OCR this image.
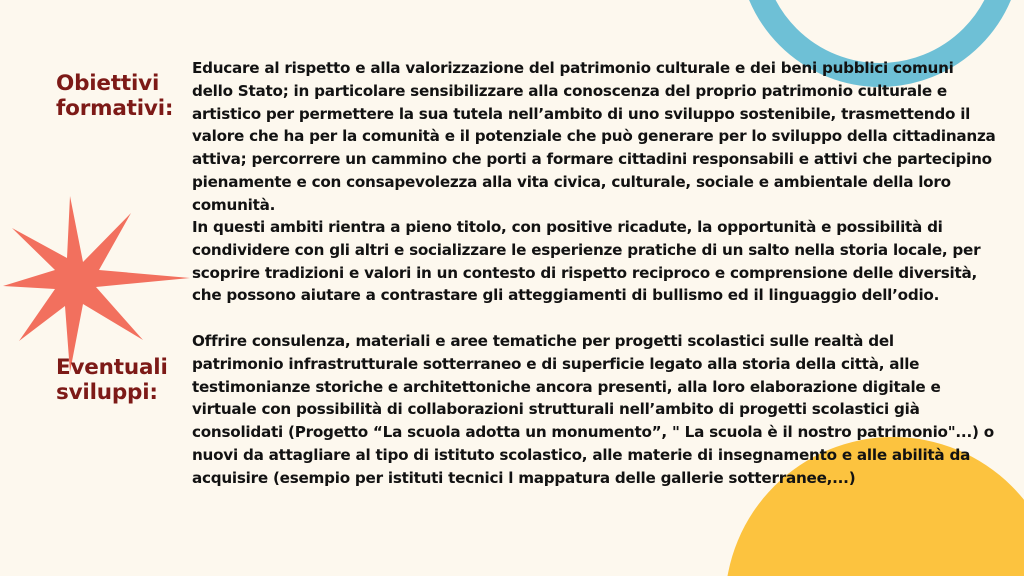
Obiettivi
formativi:
Eventuali
sviluppi:
Educare al rispetto e alla valorizzazione del patrimonio culturale e dei beni pubblici comuni
dello Stato; in particolare sensibilizzare alla conoscenza del proprio patrimonio culturale e
artistico per permettere la sua tutela nell’ambito di uno sviluppo sostenibile, trasmettendo il
valore che ha per la comunità e il potenziale che può generare per lo sviluppo della cittadinanza
attiva; percorrere un cammino che porti a formare cittadini responsabili e attivi che partecipino
pienamente e con consapevolezza alla vita civica, culturale, sociale e ambientale della loro
comunità.
In questi ambiti rientra a pieno titolo, con positive ricadute, la opportunità e possibilità di
condividere con gli altri e socializzare le esperienze pratiche di un salto nella storia locale, per
scoprire tradizioni e valori in un contesto di rispetto reciproco e comprensione delle diversità,
che possono aiutare a contrastare gli atteggiamenti di bullismo ed il linguaggio dell’odio.
Offrire consulenza, materiali e aree tematiche per progetti scolastici sulle realtà del
patrimonio infrastrutturale sotterraneo e di superficie legato alla storia della città, alle
testimonianze storiche e architettoniche ancora presenti, alla loro elaborazione digitale e
virtuale con possibilità di collaborazioni strutturali nell’ambito di progetti scolastici già
consolidati (Progetto “La scuola adotta un monumento”, " La scuola è il nostro patrimonio"...) o
nuovi da attagliare al tipo di istituto scolastico, alle materie di insegnamento e alle abilità da
acquisire (esempio per istituti tecnici l mappatura delle gallerie sotterranee,...)
